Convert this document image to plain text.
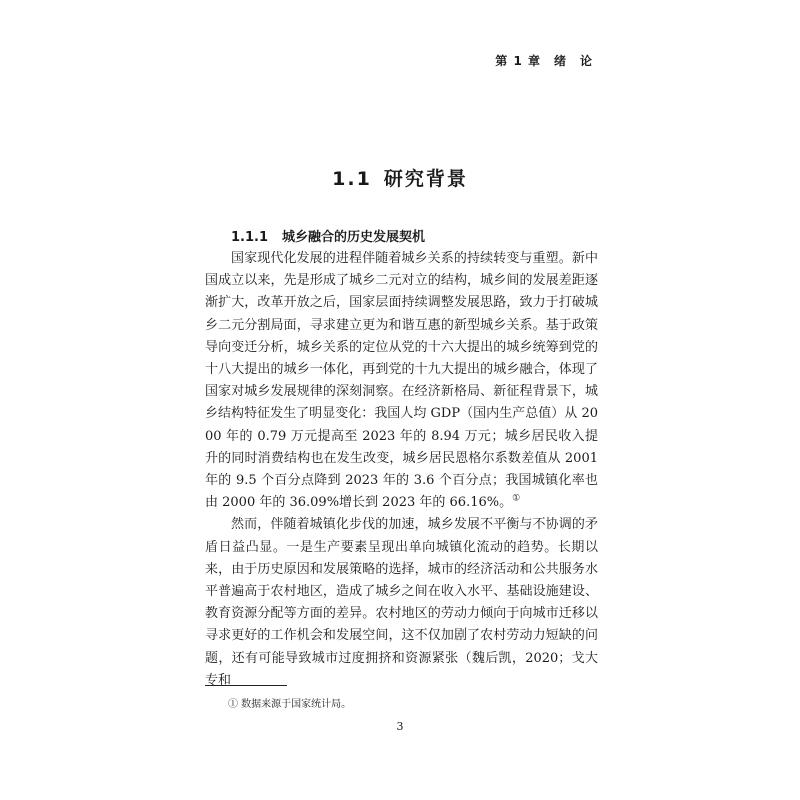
第 1 章　绪　论
1.1 研究背景
1.1.1 城乡融合的历史发展契机

国家现代化发展的进程伴随着城乡关系的持续转变与重塑。新中国成立以来，先是形成了城乡二元对立的结构，城乡间的发展差距逐渐扩大，改革开放之后，国家层面持续调整发展思路，致力于打破城乡二元分割局面，寻求建立更为和谐互惠的新型城乡关系。基于政策导向变迁分析，城乡关系的定位从党的十六大提出的城乡统筹到党的十八大提出的城乡一体化，再到党的十九大提出的城乡融合，体现了国家对城乡发展规律的深刻洞察。在经济新格局、新征程背景下，城乡结构特征发生了明显变化：我国人均 GDP（国内生产总值）从 2000 年的 0.79 万元提高至 2023 年的 8.94 万元；城乡居民收入提升的同时消费结构也在发生改变，城乡居民恩格尔系数差值从 2001 年的 9.5 个百分点降到 2023 年的 3.6 个百分点；我国城镇化率也由 2000 年的 36.09%增长到 2023 年的 66.16%。①

然而，伴随着城镇化步伐的加速，城乡发展不平衡与不协调的矛盾日益凸显。一是生产要素呈现出单向城镇化流动的趋势。长期以来，由于历史原因和发展策略的选择，城市的经济活动和公共服务水平普遍高于农村地区，造成了城乡之间在收入水平、基础设施建设、教育资源分配等方面的差异。农村地区的劳动力倾向于向城市迁移以寻求更好的工作机会和发展空间，这不仅加剧了农村劳动力短缺的问题，还有可能导致城市过度拥挤和资源紧张（魏后凯，2020；戈大专和

① 数据来源于国家统计局。
3
